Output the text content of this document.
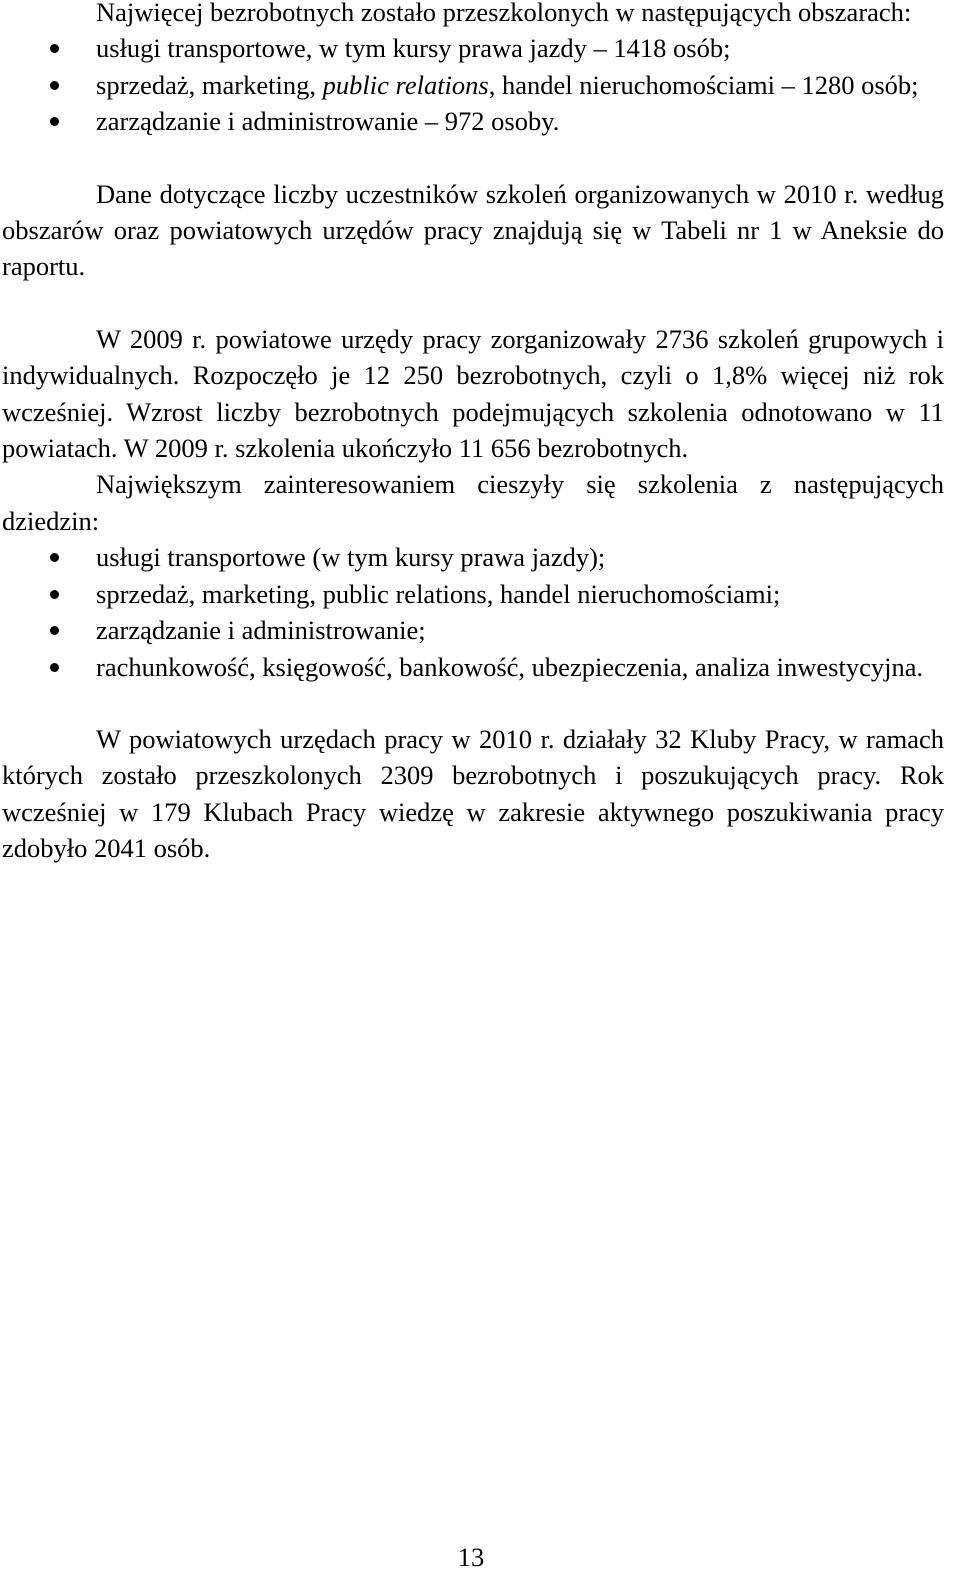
Najwięcej bezrobotnych zostało przeszkolonych w następujących obszarach:

usługi transportowe, w tym kursy prawa jazdy – 1418 osób;
sprzedaż, marketing, public relations, handel nieruchomościami – 1280 osób;
zarządzanie i administrowanie – 972 osoby.

Dane dotyczące liczby uczestników szkoleń organizowanych w 2010 r. według obszarów oraz powiatowych urzędów pracy znajdują się w Tabeli nr 1 w Aneksie do raportu.

W 2009 r. powiatowe urzędy pracy zorganizowały 2736 szkoleń grupowych i indywidualnych. Rozpoczęło je 12 250 bezrobotnych, czyli o 1,8% więcej niż rok wcześniej. Wzrost liczby bezrobotnych podejmujących szkolenia odnotowano w 11 powiatach. W 2009 r. szkolenia ukończyło 11 656 bezrobotnych.

Największym zainteresowaniem cieszyły się szkolenia z następujących dziedzin:

usługi transportowe (w tym kursy prawa jazdy);
sprzedaż, marketing, public relations, handel nieruchomościami;
zarządzanie i administrowanie;
rachunkowość, księgowość, bankowość, ubezpieczenia, analiza inwestycyjna.

W powiatowych urzędach pracy w 2010 r. działały 32 Kluby Pracy, w ramach których zostało przeszkolonych 2309 bezrobotnych i poszukujących pracy. Rok wcześniej w 179 Klubach Pracy wiedzę w zakresie aktywnego poszukiwania pracy zdobyło 2041 osób.

13
